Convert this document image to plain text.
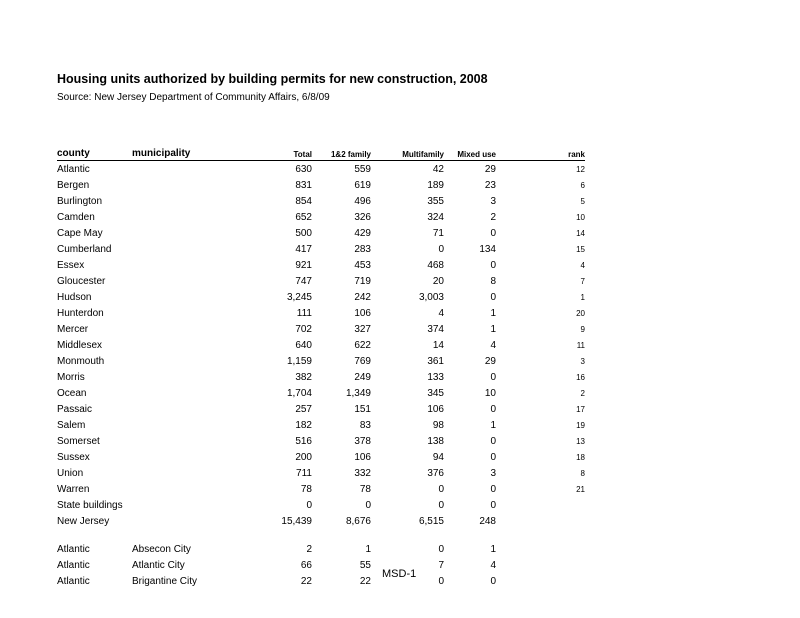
Housing units authorized by building permits for new construction, 2008
Source: New Jersey Department of Community Affairs, 6/8/09
county	municipality	Total	1&2 family	Multifamily	Mixed use	rank
Atlantic		630	559	42	29	12
Bergen		831	619	189	23	6
Burlington		854	496	355	3	5
Camden		652	326	324	2	10
Cape May		500	429	71	0	14
Cumberland		417	283	0	134	15
Essex		921	453	468	0	4
Gloucester		747	719	20	8	7
Hudson		3,245	242	3,003	0	1
Hunterdon		111	106	4	1	20
Mercer		702	327	374	1	9
Middlesex		640	622	14	4	11
Monmouth		1,159	769	361	29	3
Morris		382	249	133	0	16
Ocean		1,704	1,349	345	10	2
Passaic		257	151	106	0	17
Salem		182	83	98	1	19
Somerset		516	378	138	0	13
Sussex		200	106	94	0	18
Union		711	332	376	3	8
Warren		78	78	0	0	21
State buildings		0	0	0	0	
New Jersey		15,439	8,676	6,515	248	

Atlantic	Absecon City	2	1	0	1	
Atlantic	Atlantic City	66	55	7	4	
Atlantic	Brigantine City	22	22	0	0	
MSD-1
